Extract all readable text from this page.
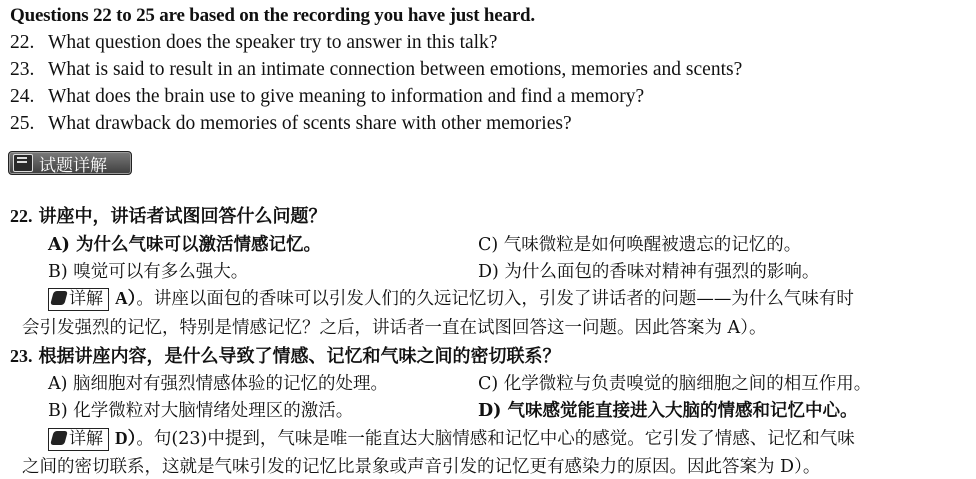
Questions 22 to 25 are based on the recording you have just heard.
22. What question does the speaker try to answer in this talk?
23. What is said to result in an intimate connection between emotions, memories and scents?
24. What does the brain use to give meaning to information and find a memory?
25. What drawback do memories of scents share with other memories?
试题详解
22. 讲座中，讲话者试图回答什么问题？
A) 为什么气味可以激活情感记忆。	C) 气味微粒是如何唤醒被遗忘的记忆的。
B) 嗅觉可以有多么强大。	D) 为什么面包的香味对精神有强烈的影响。
详解 A）。讲座以面包的香味可以引发人们的久远记忆切入，引发了讲话者的问题——为什么气味有时
会引发强烈的记忆，特别是情感记忆？之后，讲话者一直在试图回答这一问题。因此答案为 A）。
23. 根据讲座内容，是什么导致了情感、记忆和气味之间的密切联系？
A) 脑细胞对有强烈情感体验的记忆的处理。	C) 化学微粒与负责嗅觉的脑细胞之间的相互作用。
B) 化学微粒对大脑情绪处理区的激活。	D) 气味感觉能直接进入大脑的情感和记忆中心。
详解 D）。句(23)中提到，气味是唯一能直达大脑情感和记忆中心的感觉。它引发了情感、记忆和气味
之间的密切联系，这就是气味引发的记忆比景象或声音引发的记忆更有感染力的原因。因此答案为 D）。
